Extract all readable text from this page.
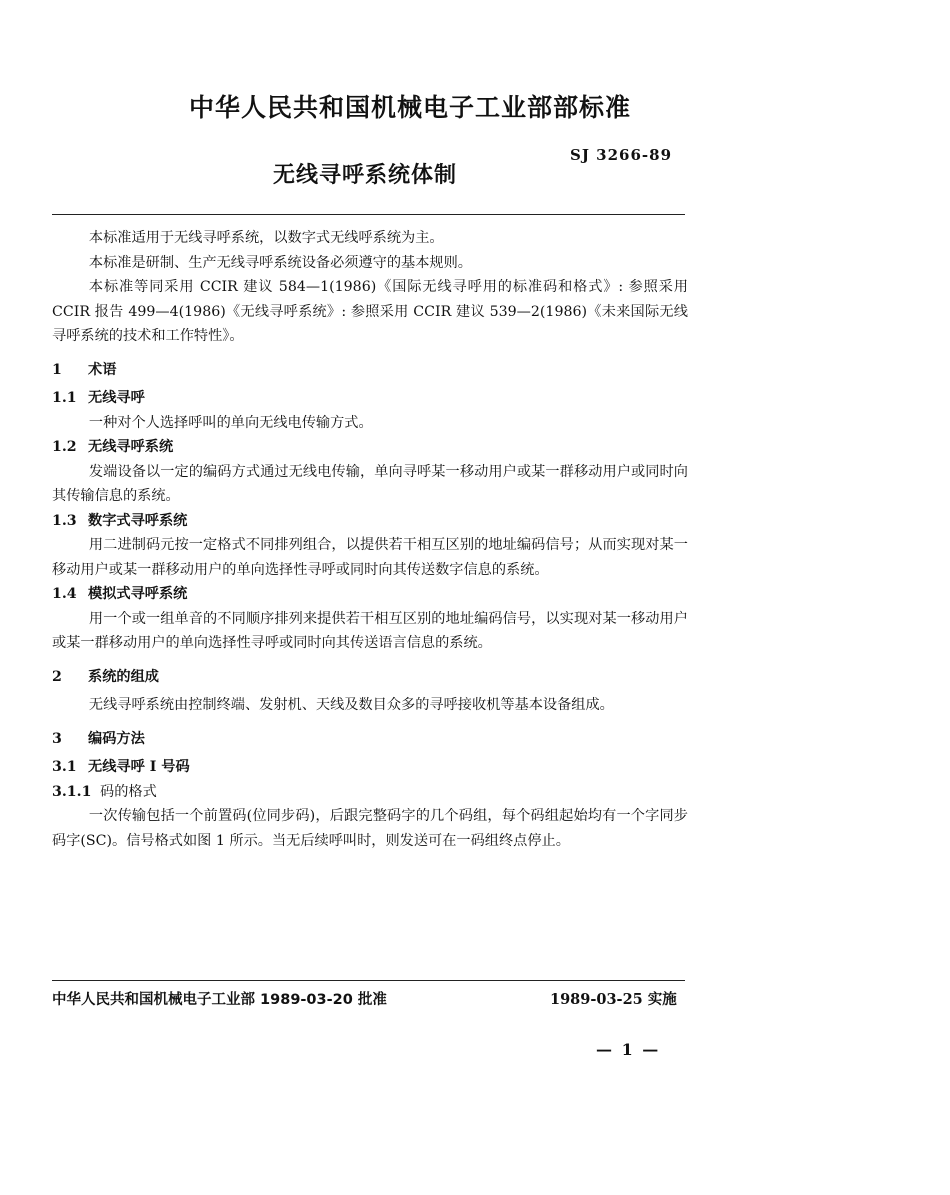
中华人民共和国机械电子工业部部标准
SJ 3266-89
无线寻呼系统体制

本标准适用于无线寻呼系统，以数字式无线呼系统为主。

本标准是研制、生产无线寻呼系统设备必须遵守的基本规则。

本标准等同采用 CCIR 建议 584—1(1986)《国际无线寻呼用的标准码和格式》: 参照采用 CCIR 报告 499—4(1986)《无线寻呼系统》: 参照采用 CCIR 建议 539—2(1986)《未来国际无线寻呼系统的技术和工作特性》。

1 术语

1.1 无线寻呼

一种对个人选择呼叫的单向无线电传输方式。

1.2 无线寻呼系统

发端设备以一定的编码方式通过无线电传输，单向寻呼某一移动用户或某一群移动用户或同时向其传输信息的系统。

1.3 数字式寻呼系统

用二进制码元按一定格式不同排列组合，以提供若干相互区别的地址编码信号；从而实现对某一移动用户或某一群移动用户的单向选择性寻呼或同时向其传送数字信息的系统。

1.4 模拟式寻呼系统

用一个或一组单音的不同顺序排列来提供若干相互区别的地址编码信号，以实现对某一移动用户或某一群移动用户的单向选择性寻呼或同时向其传送语言信息的系统。

2 系统的组成

无线寻呼系统由控制终端、发射机、天线及数目众多的寻呼接收机等基本设备组成。

3 编码方法

3.1 无线寻呼 I 号码

3.1.1 码的格式

一次传输包括一个前置码(位同步码)，后跟完整码字的几个码组，每个码组起始均有一个字同步码字(SC)。信号格式如图 1 所示。当无后续呼叫时，则发送可在一码组终点停止。

中华人民共和国机械电子工业部 1989-03-20 批准	1989-03-25 实施
— 1 —
